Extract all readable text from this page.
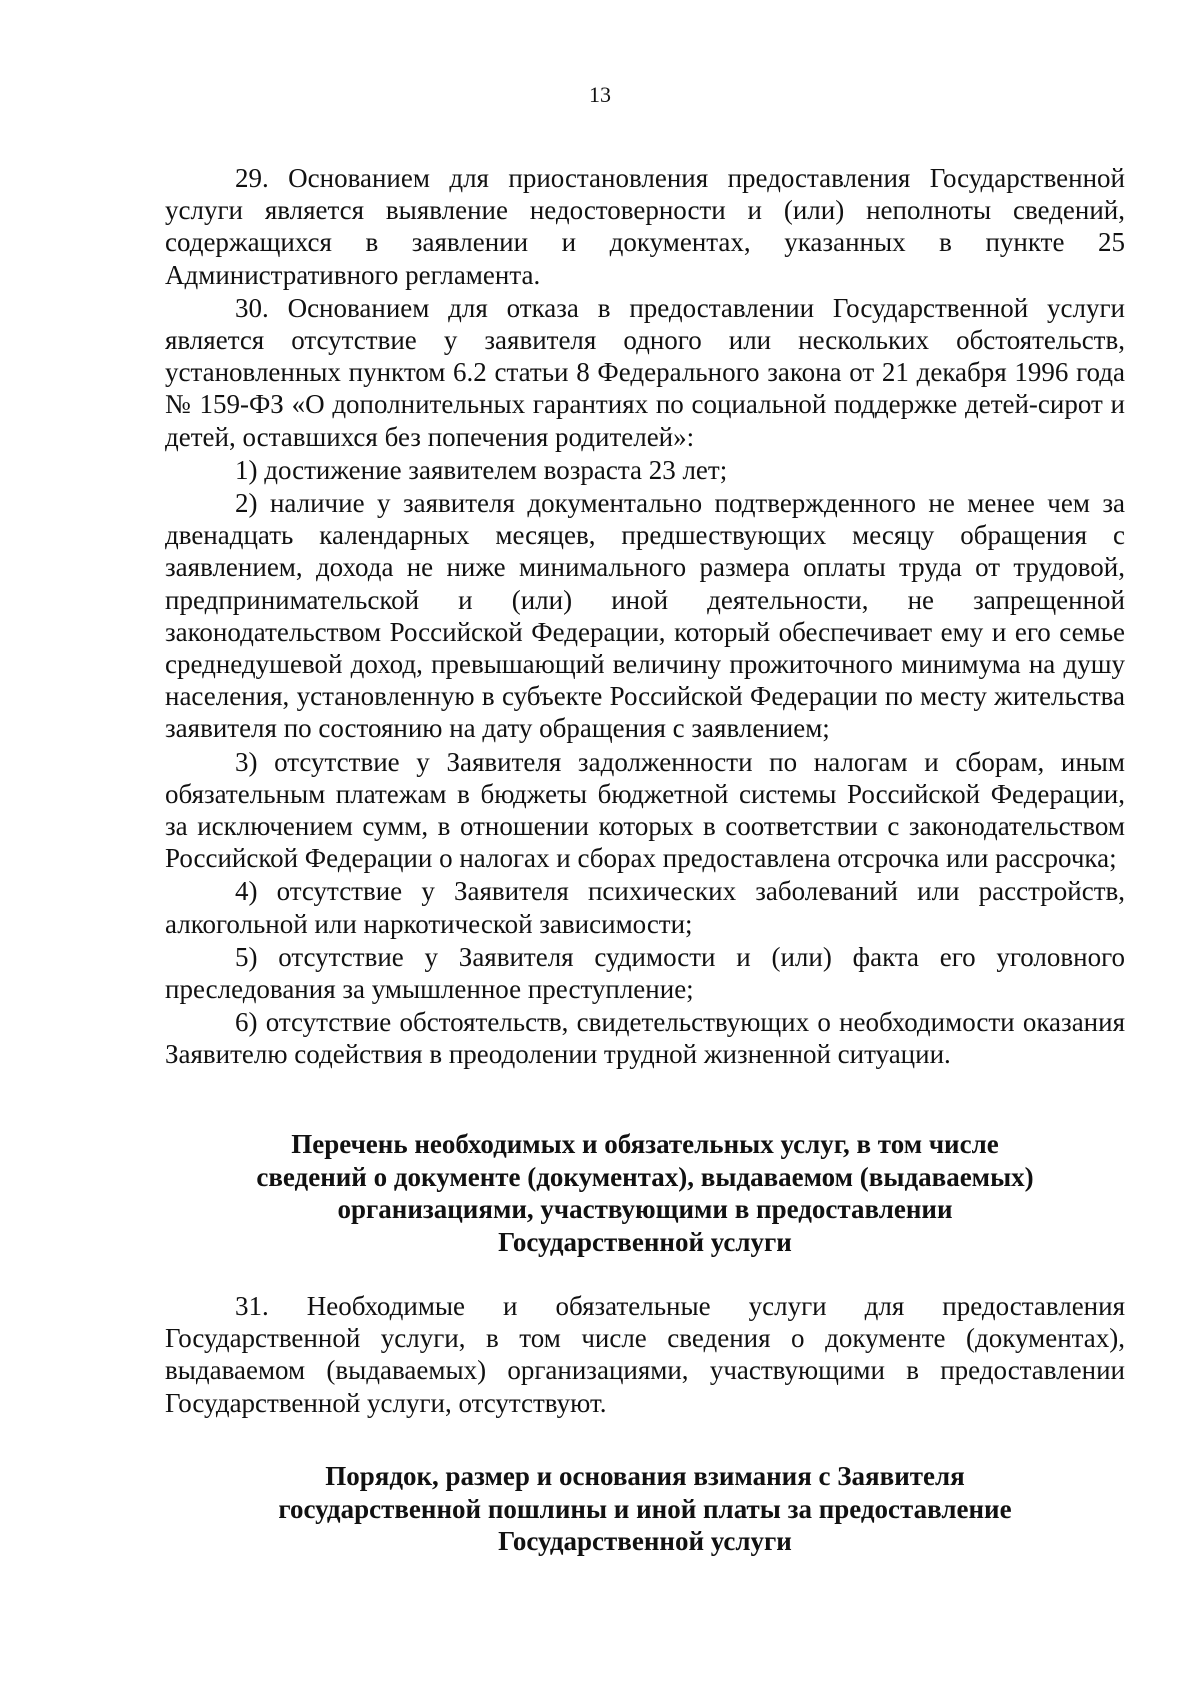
13

29. Основанием для приостановления предоставления Государственной услуги является выявление недостоверности и (или) неполноты сведений, содержащихся в заявлении и документах, указанных в пункте 25 Административного регламента.

30. Основанием для отказа в предоставлении Государственной услуги является отсутствие у заявителя одного или нескольких обстоятельств, установленных пунктом 6.2 статьи 8 Федерального закона от 21 декабря 1996 года № 159-ФЗ «О дополнительных гарантиях по социальной поддержке детей-сирот и детей, оставшихся без попечения родителей»:

1) достижение заявителем возраста 23 лет;

2) наличие у заявителя документально подтвержденного не менее чем за двенадцать календарных месяцев, предшествующих месяцу обращения с заявлением, дохода не ниже минимального размера оплаты труда от трудовой, предпринимательской и (или) иной деятельности, не запрещенной законодательством Российской Федерации, который обеспечивает ему и его семье среднедушевой доход, превышающий величину прожиточного минимума на душу населения, установленную в субъекте Российской Федерации по месту жительства заявителя по состоянию на дату обращения с заявлением;

3) отсутствие у Заявителя задолженности по налогам и сборам, иным обязательным платежам в бюджеты бюджетной системы Российской Федерации, за исключением сумм, в отношении которых в соответствии с законодательством Российской Федерации о налогах и сборах предоставлена отсрочка или рассрочка;

4) отсутствие у Заявителя психических заболеваний или расстройств, алкогольной или наркотической зависимости;

5) отсутствие у Заявителя судимости и (или) факта его уголовного преследования за умышленное преступление;

6) отсутствие обстоятельств, свидетельствующих о необходимости оказания Заявителю содействия в преодолении трудной жизненной ситуации.

Перечень необходимых и обязательных услуг, в том числе
сведений о документе (документах), выдаваемом (выдаваемых)
организациями, участвующими в предоставлении
Государственной услуги

31. Необходимые и обязательные услуги для предоставления Государственной услуги, в том числе сведения о документе (документах), выдаваемом (выдаваемых) организациями, участвующими в предоставлении Государственной услуги, отсутствуют.

Порядок, размер и основания взимания с Заявителя
государственной пошлины и иной платы за предоставление
Государственной услуги
